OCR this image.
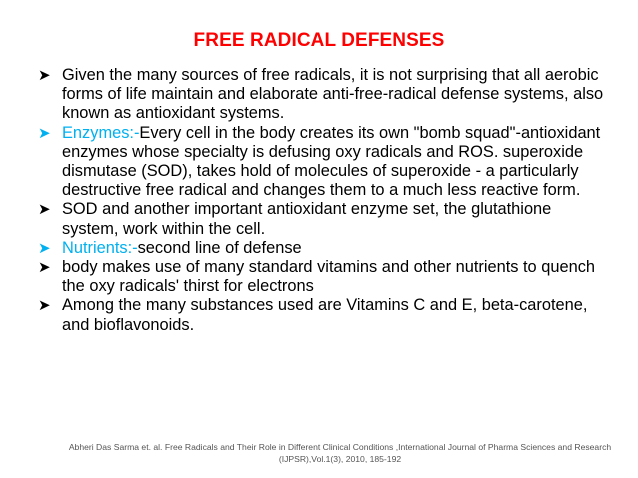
FREE RADICAL DEFENSES
➤ Given the many sources of free radicals, it is not surprising that all aerobic forms of life maintain and elaborate anti-free-radical defense systems, also known as antioxidant systems.
➤ Enzymes:-Every cell in the body creates its own "bomb squad"-antioxidant enzymes whose specialty is defusing oxy radicals and ROS. superoxide dismutase (SOD), takes hold of molecules of superoxide - a particularly destructive free radical and changes them to a much less reactive form.
➤ SOD and another important antioxidant enzyme set, the glutathione system, work within the cell.
➤ Nutrients:-second line of defense
➤ body makes use of many standard vitamins and other nutrients to quench the oxy radicals' thirst for electrons
➤ Among the many substances used are Vitamins C and E, beta-carotene, and bioflavonoids.
Abheri Das Sarma et. al. Free Radicals and Their Role in Different Clinical Conditions ,International Journal of Pharma Sciences and Research (IJPSR),Vol.1(3), 2010, 185-192
